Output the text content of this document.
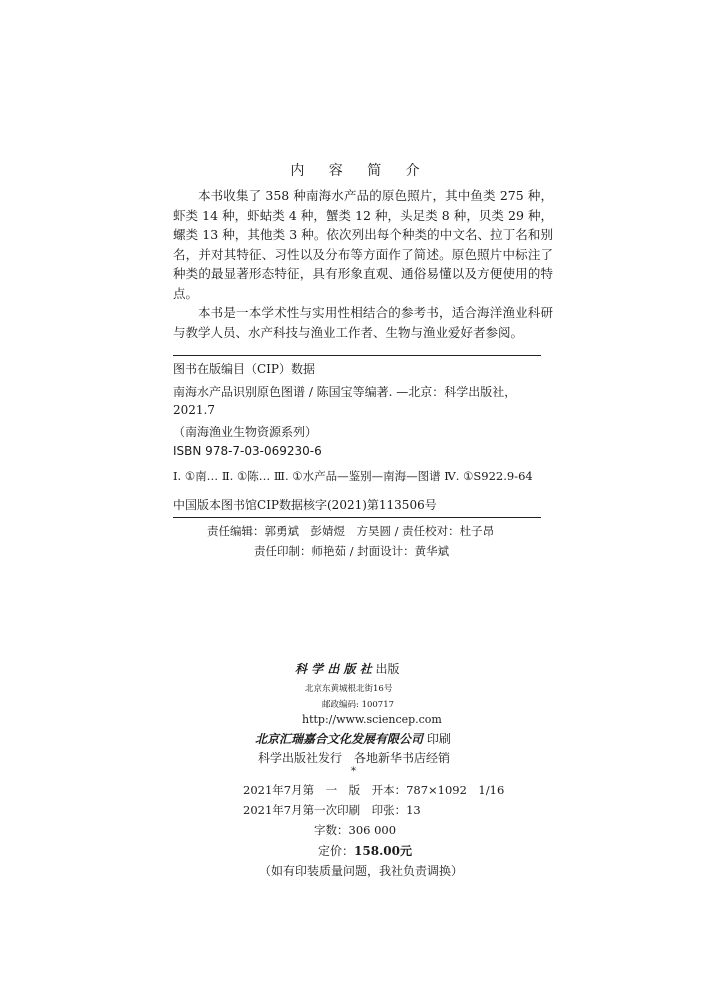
内 容 简 介

本书收集了 358 种南海水产品的原色照片，其中鱼类 275 种，虾类 14 种，虾蛄类 4 种，蟹类 12 种，头足类 8 种，贝类 29 种，螺类 13 种，其他类 3 种。依次列出每个种类的中文名、拉丁名和别名，并对其特征、习性以及分布等方面作了简述。原色照片中标注了种类的最显著形态特征，具有形象直观、通俗易懂以及方便使用的特点。

本书是一本学术性与实用性相结合的参考书，适合海洋渔业科研与教学人员、水产科技与渔业工作者、生物与渔业爱好者参阅。

图书在版编目（CIP）数据
南海水产品识别原色图谱 / 陈国宝等编著. —北京：科学出版社，
2021.7
（南海渔业生物资源系列）
ISBN 978-7-03-069230-6
Ⅰ. ①南… Ⅱ. ①陈… Ⅲ. ①水产品—鉴别—南海—图谱 Ⅳ. ①S922.9-64
中国版本图书馆CIP数据核字(2021)第113506号
责任编辑：郭勇斌　彭婧煜　方昊圆 / 责任校对：杜子昂
责任印制：师艳茹 / 封面设计：黄华斌
科 学 出 版 社 出版
北京东黄城根北街16号
邮政编码: 100717
http://www.sciencep.com
北京汇瑞嘉合文化发展有限公司 印刷
科学出版社发行　各地新华书店经销
*
2021年7月第　一　版　开本：787×1092　1/16
2021年7月第一次印刷　印张：13
字数：306 000
定价：158.00元
（如有印装质量问题，我社负责调换）
